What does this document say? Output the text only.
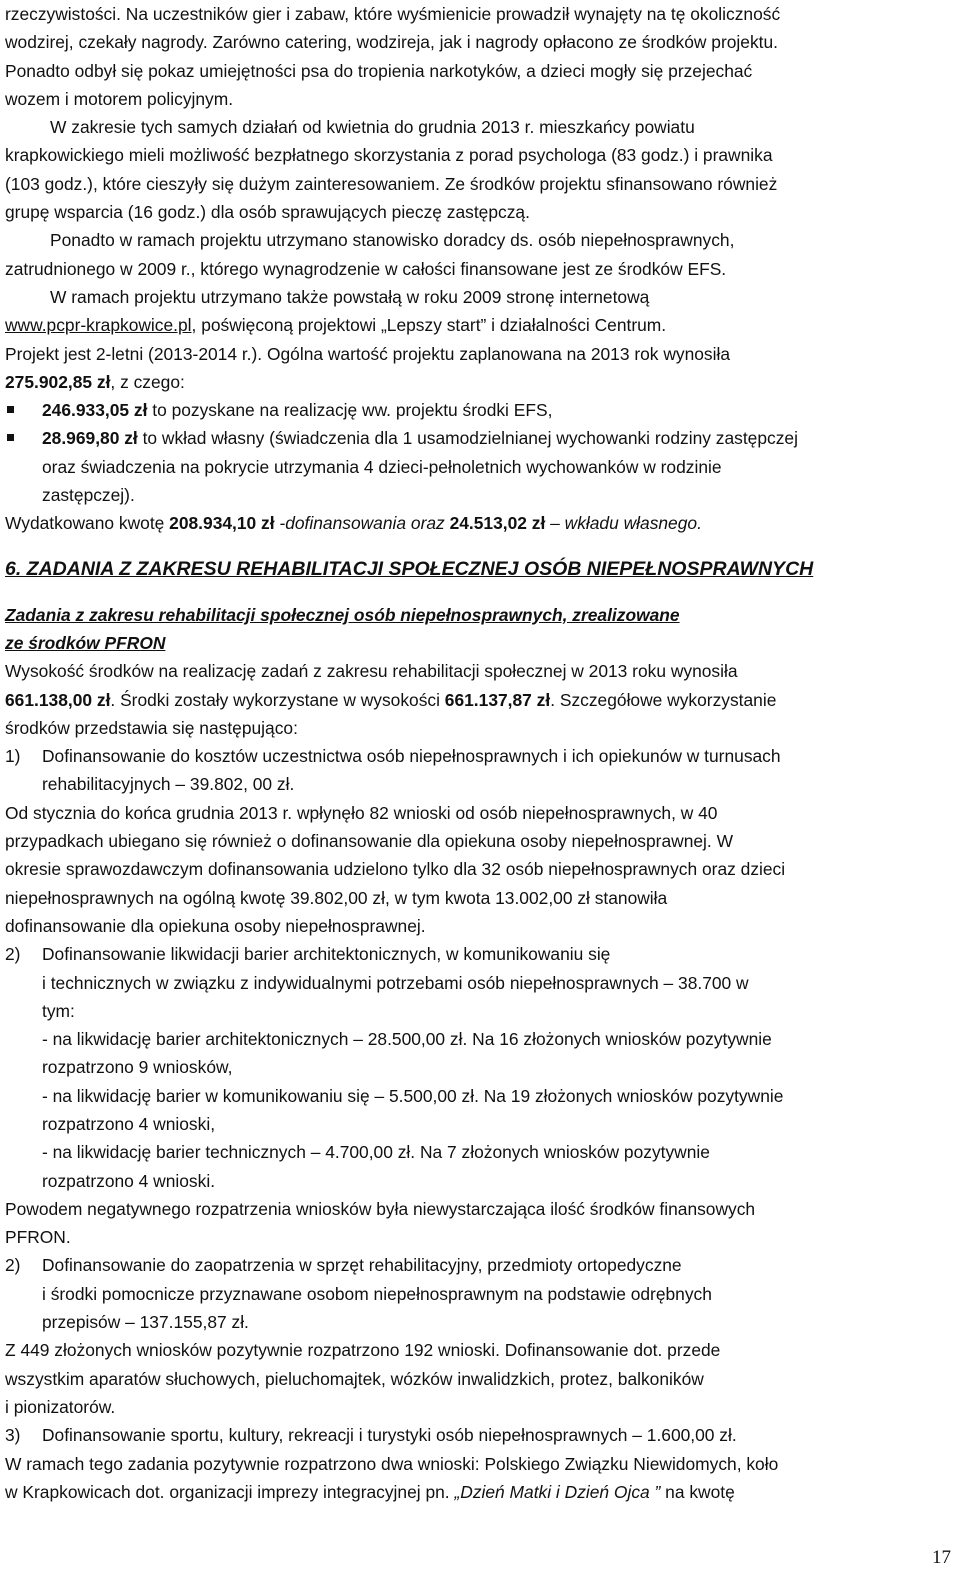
rzeczywistości. Na uczestników gier i zabaw, które wyśmienicie prowadził wynajęty na tę okoliczność
wodzirej, czekały nagrody. Zarówno catering, wodzireja, jak i nagrody opłacono ze środków projektu.
Ponadto odbył się pokaz umiejętności psa do tropienia narkotyków, a dzieci mogły się przejechać
wozem i motorem policyjnym.
W zakresie tych samych działań od kwietnia do grudnia 2013 r. mieszkańcy powiatu
krapkowickiego mieli możliwość bezpłatnego skorzystania z porad psychologa (83 godz.) i prawnika
(103 godz.), które cieszyły się dużym zainteresowaniem. Ze środków projektu sfinansowano również
grupę wsparcia (16 godz.) dla osób sprawujących pieczę zastępczą.
Ponadto w ramach projektu utrzymano stanowisko doradcy ds. osób niepełnosprawnych,
zatrudnionego w 2009 r., którego wynagrodzenie w całości finansowane jest ze środków EFS.
W ramach projektu utrzymano także powstałą w roku 2009 stronę internetową
www.pcpr-krapkowice.pl, poświęconą projektowi „Lepszy start” i działalności Centrum.
Projekt jest 2-letni (2013-2014 r.). Ogólna wartość projektu zaplanowana na 2013 rok wynosiła
275.902,85 zł, z czego:
246.933,05 zł to pozyskane na realizację ww. projektu środki EFS,
28.969,80 zł to wkład własny (świadczenia dla 1 usamodzielnianej wychowanki rodziny zastępczej
oraz świadczenia na pokrycie utrzymania 4 dzieci-pełnoletnich wychowanków w rodzinie
zastępczej).
Wydatkowano kwotę 208.934,10 zł -dofinansowania oraz 24.513,02 zł – wkładu własnego.
6. ZADANIA Z ZAKRESU REHABILITACJI SPOŁECZNEJ OSÓB NIEPEŁNOSPRAWNYCH
Zadania z zakresu rehabilitacji społecznej osób niepełnosprawnych, zrealizowane
ze środków PFRON
Wysokość środków na realizację zadań z zakresu rehabilitacji społecznej w 2013 roku wynosiła
661.138,00 zł. Środki zostały wykorzystane w wysokości 661.137,87 zł. Szczegółowe wykorzystanie
środków przedstawia się następująco:
1)	Dofinansowanie do kosztów uczestnictwa osób niepełnosprawnych i ich opiekunów w turnusach
rehabilitacyjnych – 39.802, 00 zł.
Od stycznia do końca grudnia 2013 r. wpłynęło 82 wnioski od osób niepełnosprawnych, w 40
przypadkach ubiegano się również o dofinansowanie dla opiekuna osoby niepełnosprawnej. W
okresie sprawozdawczym dofinansowania udzielono tylko dla 32 osób niepełnosprawnych oraz dzieci
niepełnosprawnych na ogólną kwotę 39.802,00 zł, w tym kwota 13.002,00 zł stanowiła
dofinansowanie dla opiekuna osoby niepełnosprawnej.
2)	Dofinansowanie likwidacji barier architektonicznych, w komunikowaniu się
i technicznych w związku z indywidualnymi potrzebami osób niepełnosprawnych – 38.700 w
tym:
- na likwidację barier architektonicznych – 28.500,00 zł. Na 16 złożonych wniosków pozytywnie
rozpatrzono 9 wniosków,
- na likwidację barier w komunikowaniu się – 5.500,00 zł. Na 19 złożonych wniosków pozytywnie
rozpatrzono 4 wnioski,
- na likwidację barier technicznych – 4.700,00 zł. Na 7 złożonych wniosków pozytywnie
rozpatrzono 4 wnioski.
Powodem negatywnego rozpatrzenia wniosków była niewystarczająca ilość środków finansowych
PFRON.
2)	Dofinansowanie do zaopatrzenia w sprzęt rehabilitacyjny, przedmioty ortopedyczne
i środki pomocnicze przyznawane osobom niepełnosprawnym na podstawie odrębnych
przepisów – 137.155,87 zł.
Z 449 złożonych wniosków pozytywnie rozpatrzono 192 wnioski. Dofinansowanie dot. przede
wszystkim aparatów słuchowych, pieluchomajtek, wózków inwalidzkich, protez, balkoników
i pionizatorów.
3)	Dofinansowanie sportu, kultury, rekreacji i turystyki osób niepełnosprawnych – 1.600,00 zł.
W ramach tego zadania pozytywnie rozpatrzono dwa wnioski: Polskiego Związku Niewidomych, koło
w Krapkowicach dot. organizacji imprezy integracyjnej pn. „Dzień Matki i Dzień Ojca ” na kwotę
17
